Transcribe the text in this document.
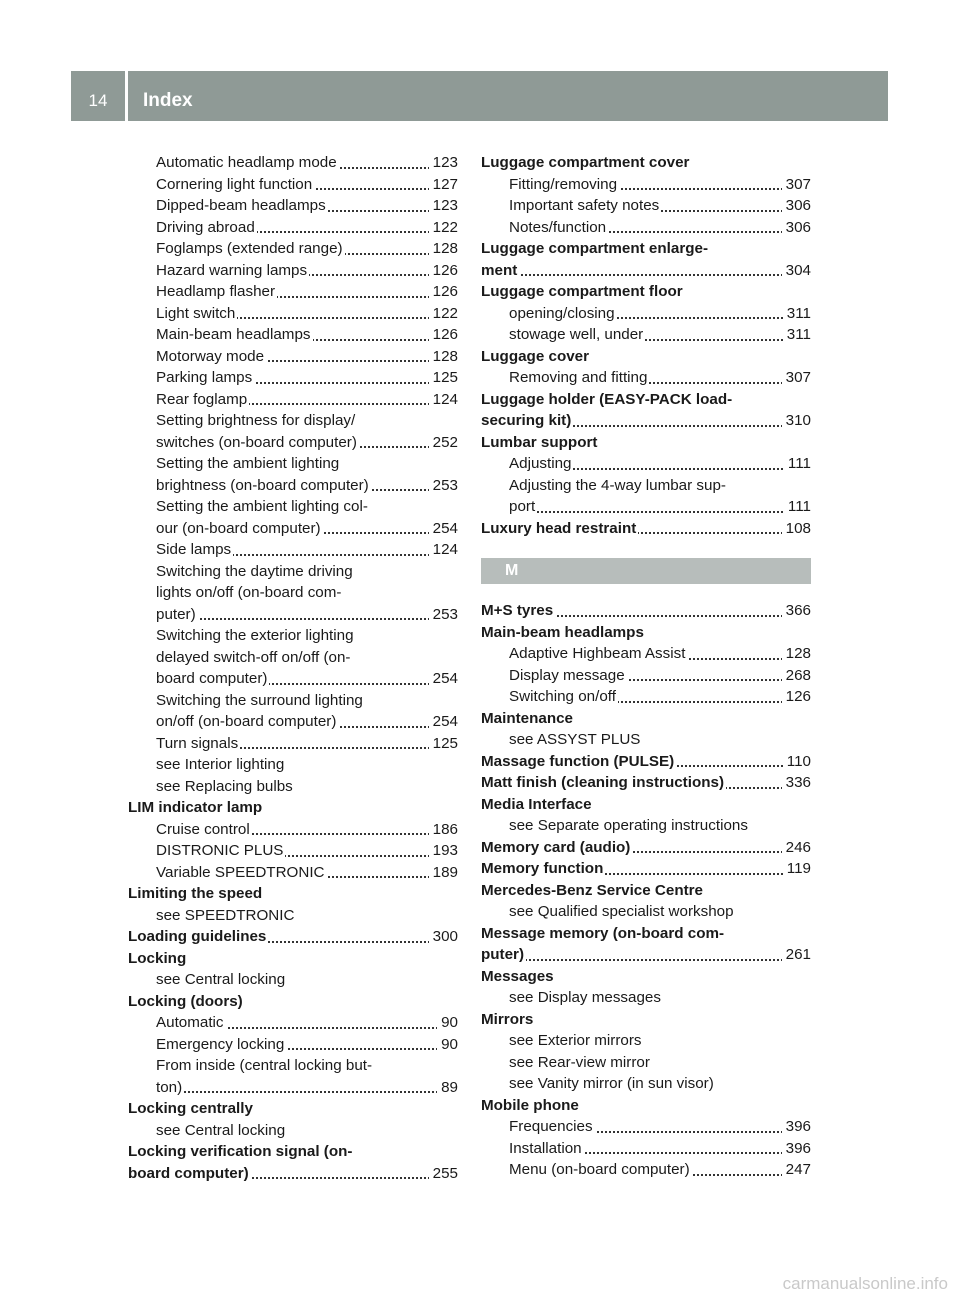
14	Index
Automatic headlamp mode	123
Cornering light function	127
Dipped-beam headlamps	123
Driving abroad	122
Foglamps (extended range)	128
Hazard warning lamps	126
Headlamp flasher	126
Light switch	122
Main-beam headlamps	126
Motorway mode	128
Parking lamps	125
Rear foglamp	124
Setting brightness for display/
switches (on-board computer)	252
Setting the ambient lighting
brightness (on-board computer)	253
Setting the ambient lighting col-
our (on-board computer)	254
Side lamps	124
Switching the daytime driving
lights on/off (on-board com-
puter)	253
Switching the exterior lighting
delayed switch-off on/off (on-
board computer)	254
Switching the surround lighting
on/off (on-board computer)	254
Turn signals	125
see Interior lighting
see Replacing bulbs
LIM indicator lamp
Cruise control	186
DISTRONIC PLUS	193
Variable SPEEDTRONIC	189
Limiting the speed
see SPEEDTRONIC
Loading guidelines	300
Locking
see Central locking
Locking (doors)
Automatic	90
Emergency locking	90
From inside (central locking but-
ton)	89
Locking centrally
see Central locking
Locking verification signal (on-
board computer)	255
Luggage compartment cover
Fitting/removing	307
Important safety notes	306
Notes/function	306
Luggage compartment enlarge-
ment	304
Luggage compartment floor
opening/closing	311
stowage well, under	311
Luggage cover
Removing and fitting	307
Luggage holder (EASY-PACK load-
securing kit)	310
Lumbar support
Adjusting	111
Adjusting the 4-way lumbar sup-
port	111
Luxury head restraint	108
M
M+S tyres	366
Main-beam headlamps
Adaptive Highbeam Assist	128
Display message	268
Switching on/off	126
Maintenance
see ASSYST PLUS
Massage function (PULSE)	110
Matt finish (cleaning instructions)	336
Media Interface
see Separate operating instructions
Memory card (audio)	246
Memory function	119
Mercedes-Benz Service Centre
see Qualified specialist workshop
Message memory (on-board com-
puter)	261
Messages
see Display messages
Mirrors
see Exterior mirrors
see Rear-view mirror
see Vanity mirror (in sun visor)
Mobile phone
Frequencies	396
Installation	396
Menu (on-board computer)	247
carmanualsonline.info
